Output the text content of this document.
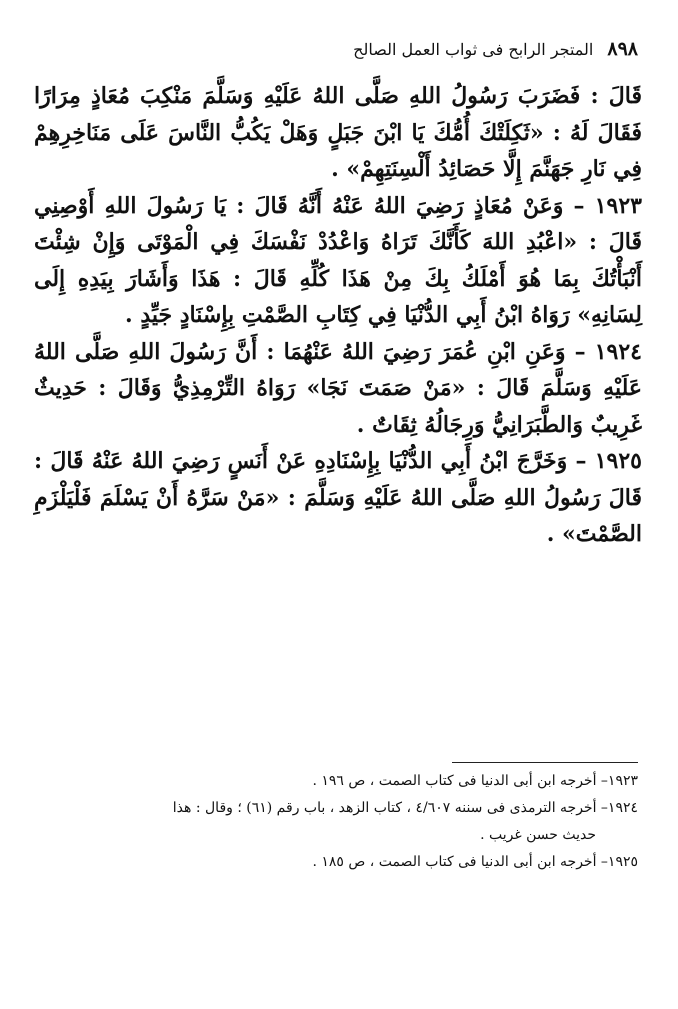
٨٩٨
المتجر الرابح فى ثواب العمل الصالح

قَالَ : فَضَرَبَ رَسُولُ اللهِ صَلَّى اللهُ عَلَيْهِ وَسَلَّمَ مَنْكِبَ مُعَاذٍ مِرَارًا فَقَالَ لَهُ : «ثَكِلَتْكَ أُمُّكَ يَا ابْنَ جَبَلٍ وَهَلْ يَكُبُّ النَّاسَ عَلَى مَنَاخِرِهِمْ فِي نَارِ جَهَنَّمَ إِلَّا حَصَائِدُ أَلْسِنَتِهِمْ» .

١٩٢٣ – وَعَنْ مُعَاذٍ رَضِيَ اللهُ عَنْهُ أَنَّهُ قَالَ : يَا رَسُولَ اللهِ أَوْصِنِي قَالَ : «اعْبُدِ اللهَ كَأَنَّكَ تَرَاهُ وَاعْدُدْ نَفْسَكَ فِي الْمَوْتَى وَإِنْ شِئْتَ أَنْبَأْتُكَ بِمَا هُوَ أَمْلَكُ بِكَ مِنْ هَذَا كُلِّهِ قَالَ : هَذَا وَأَشَارَ بِيَدِهِ إِلَى لِسَانِهِ» رَوَاهُ ابْنُ أَبِي الدُّنْيَا فِي كِتَابِ الصَّمْتِ بِإِسْنَادٍ جَيِّدٍ .

١٩٢٤ – وَعَنِ ابْنِ عُمَرَ رَضِيَ اللهُ عَنْهُمَا : أَنَّ رَسُولَ اللهِ صَلَّى اللهُ عَلَيْهِ وَسَلَّمَ قَالَ : «مَنْ صَمَتَ نَجَا» رَوَاهُ التِّرْمِذِيُّ وَقَالَ : حَدِيثٌ غَرِيبٌ وَالطَّبَرَانِيُّ وَرِجَالُهُ ثِقَاتٌ .

١٩٢٥ – وَخَرَّجَ ابْنُ أَبِي الدُّنْيَا بِإِسْنَادِهِ عَنْ أَنَسٍ رَضِيَ اللهُ عَنْهُ قَالَ : قَالَ رَسُولُ اللهِ صَلَّى اللهُ عَلَيْهِ وَسَلَّمَ : «مَنْ سَرَّهُ أَنْ يَسْلَمَ فَلْيَلْزَمِ الصَّمْتَ» .

١٩٢٣– أخرجه ابن أبى الدنيا فى كتاب الصمت ، ص ١٩٦ .

١٩٢٤– أخرجه الترمذى فى سننه ٤/٦٠٧ ، كتاب الزهد ، باب رقم (٦١) ؛ وقال : هذا

حديث حسن غريب .

١٩٢٥– أخرجه ابن أبى الدنيا فى كتاب الصمت ، ص ١٨٥ .
